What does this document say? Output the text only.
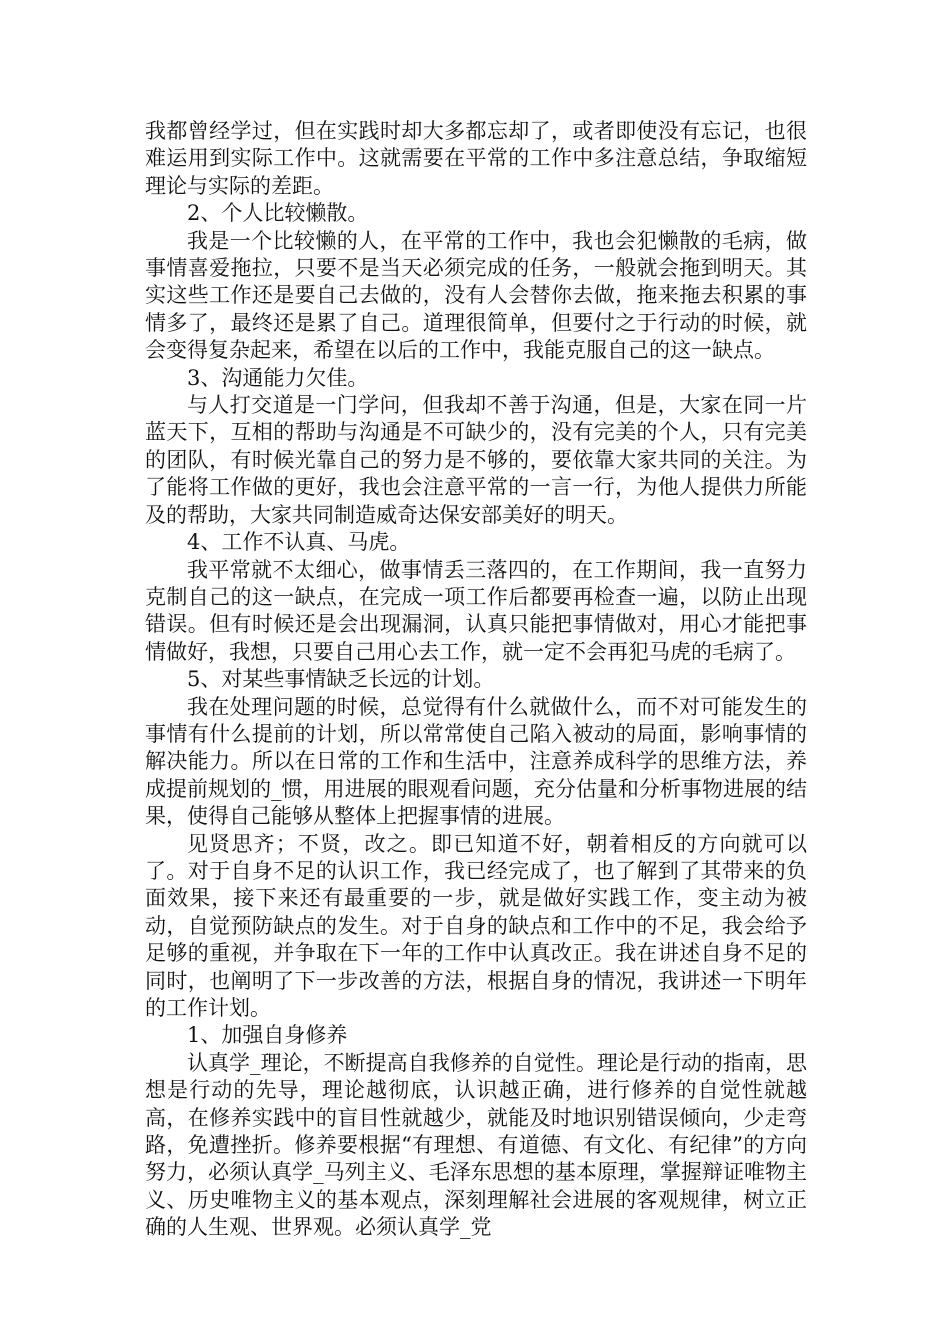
我都曾经学过，但在实践时却大多都忘却了，或者即使没有忘记，也很难运用到实际工作中。这就需要在平常的工作中多注意总结，争取缩短理论与实际的差距。

2、个人比较懒散。

我是一个比较懒的人，在平常的工作中，我也会犯懒散的毛病，做事情喜爱拖拉，只要不是当天必须完成的任务，一般就会拖到明天。其实这些工作还是要自己去做的，没有人会替你去做，拖来拖去积累的事情多了，最终还是累了自己。道理很简单，但要付之于行动的时候，就会变得复杂起来，希望在以后的工作中，我能克服自己的这一缺点。

3、沟通能力欠佳。

与人打交道是一门学问，但我却不善于沟通，但是，大家在同一片蓝天下，互相的帮助与沟通是不可缺少的，没有完美的个人，只有完美的团队，有时候光靠自己的努力是不够的，要依靠大家共同的关注。为了能将工作做的更好，我也会注意平常的一言一行，为他人提供力所能及的帮助，大家共同制造威奇达保安部美好的明天。

4、工作不认真、马虎。

我平常就不太细心，做事情丢三落四的，在工作期间，我一直努力克制自己的这一缺点，在完成一项工作后都要再检查一遍，以防止出现错误。但有时候还是会出现漏洞，认真只能把事情做对，用心才能把事情做好，我想，只要自己用心去工作，就一定不会再犯马虎的毛病了。

5、对某些事情缺乏长远的计划。

我在处理问题的时候，总觉得有什么就做什么，而不对可能发生的事情有什么提前的计划，所以常常使自己陷入被动的局面，影响事情的解决能力。所以在日常的工作和生活中，注意养成科学的思维方法，养成提前规划的_惯，用进展的眼观看问题，充分估量和分析事物进展的结果，使得自己能够从整体上把握事情的进展。

见贤思齐；不贤，改之。即已知道不好，朝着相反的方向就可以了。对于自身不足的认识工作，我已经完成了，也了解到了其带来的负面效果，接下来还有最重要的一步，就是做好实践工作，变主动为被动，自觉预防缺点的发生。对于自身的缺点和工作中的不足，我会给予足够的重视，并争取在下一年的工作中认真改正。我在讲述自身不足的同时，也阐明了下一步改善的方法，根据自身的情况，我讲述一下明年的工作计划。

1、加强自身修养

认真学_理论，不断提高自我修养的自觉性。理论是行动的指南，思想是行动的先导，理论越彻底，认识越正确，进行修养的自觉性就越高，在修养实践中的盲目性就越少，就能及时地识别错误倾向，少走弯路，免遭挫折。修养要根据“有理想、有道德、有文化、有纪律”的方向努力，必须认真学_马列主义、毛泽东思想的基本原理，掌握辩证唯物主义、历史唯物主义的基本观点，深刻理解社会进展的客观规律，树立正确的人生观、世界观。必须认真学_党
